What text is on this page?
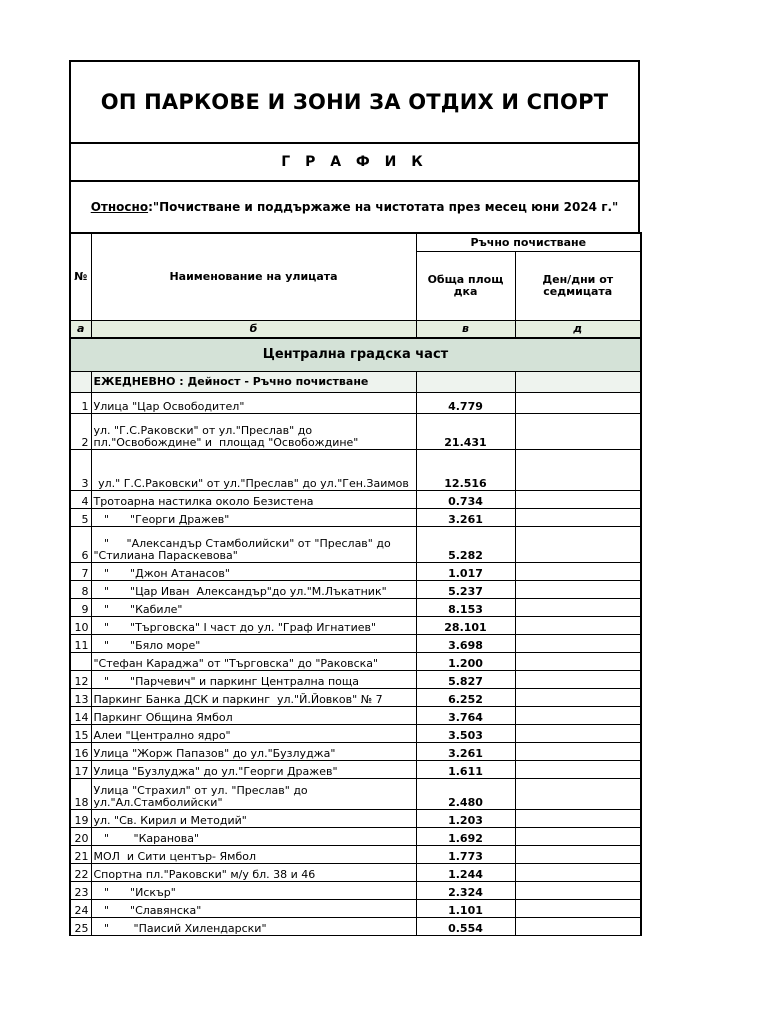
ОП ПАРКОВЕ И ЗОНИ ЗА ОТДИХ И СПОРТ
Г Р А Ф И К
Относно :"Почистване и поддържаже на чистотата през месец юни 2024 г."
№	Наименование на улицата	Ръчно почистване	
		Обща площ дка	Ден/дни от седмицата
а	б	в	д
Централна градска част			
	ЕЖЕДНЕВНО : Дейност - Ръчно почистване		
1	Улица "Цар Освободител"	4.779	
2	ул. "Г.С.Раковски" от ул."Преслав" до пл."Освобождине" и  площад "Освобождине"	21.431	
3	ул." Г.С.Раковски" от ул."Преслав" до ул."Ген.Заимов	12.516	
4	Тротоарна настилка около Безистена	0.734	
5	"      "Георги Дражев"	3.261	
6	"     "Александър Стамболийски" от "Преслав" до "Стилиана Параскевова"	5.282	
7	"      "Джон Атанасов"	1.017	
8	"      "Цар Иван  Александър"до ул."М.Лъкатник"	5.237	
9	"      "Кабиле"	8.153	
10	"      "Търговска" I част до ул. "Граф Игнатиев"	28.101	
11	"      "Бяло море"	3.698	
	"Стефан Караджа" от "Търговска" до "Раковска"	1.200	
12	"      "Парчевич" и паркинг Централна поща	5.827	
13	Паркинг Банка ДСК и паркинг  ул."Й.Йовков" № 7	6.252	
14	Паркинг Община Ямбол	3.764	
15	Алеи "Централно ядро"	3.503	
16	Улица "Жорж Папазов" до ул."Бузлуджа"	3.261	
17	Улица "Бузлуджа" до ул."Георги Дражев"	1.611	
18	Улица "Страхил" от ул. "Преслав" до ул."Ал.Стамболийски"	2.480	
19	ул. "Св. Кирил и Методий"	1.203	
20	"       "Каранова"	1.692	
21	МОЛ  и Сити център- Ямбол	1.773	
22	Спортна пл."Раковски" м/у бл. 38 и 46	1.244	
23	"      "Искър"	2.324	
24	"      "Славянска"	1.101	
25	"       "Паисий Хилендарски"	0.554	
